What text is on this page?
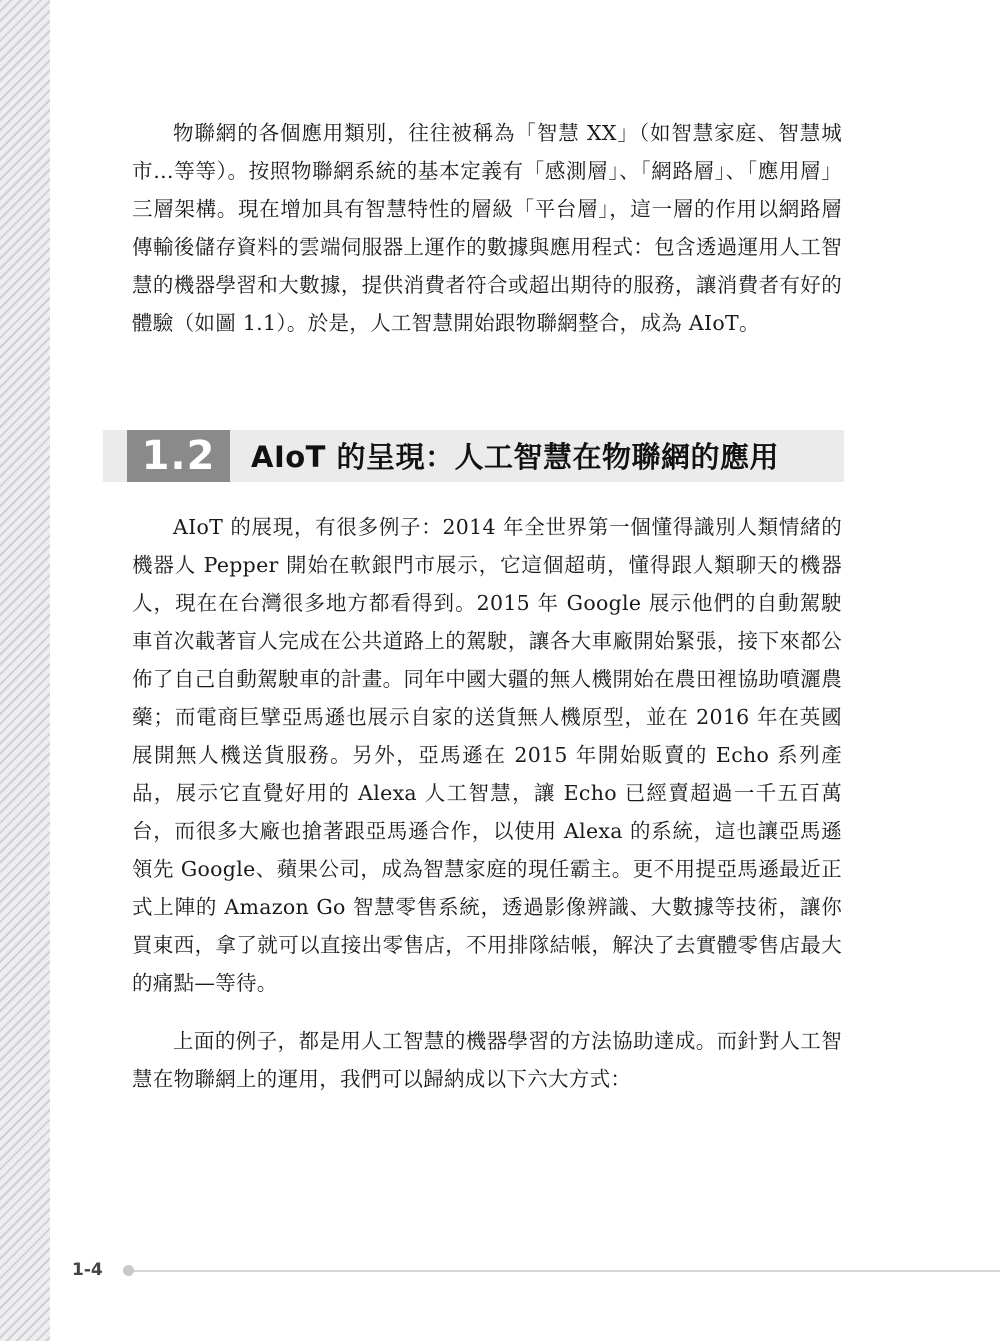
物聯網的各個應用類別，往往被稱為「智慧 XX」（如智慧家庭、智慧城市…等等）。按照物聯網系統的基本定義有「感測層」、「網路層」、「應用層」三層架構。現在增加具有智慧特性的層級「平台層」，這一層的作用以網路層傳輸後儲存資料的雲端伺服器上運作的數據與應用程式：包含透過運用人工智慧的機器學習和大數據，提供消費者符合或超出期待的服務，讓消費者有好的體驗（如圖 1.1）。於是，人工智慧開始跟物聯網整合，成為 AIoT。

AIoT 的展現，有很多例子：2014 年全世界第一個懂得識別人類情緒的機器人 Pepper 開始在軟銀門市展示，它這個超萌，懂得跟人類聊天的機器人，現在在台灣很多地方都看得到。2015 年 Google 展示他們的自動駕駛車首次載著盲人完成在公共道路上的駕駛，讓各大車廠開始緊張，接下來都公佈了自己自動駕駛車的計畫。同年中國大疆的無人機開始在農田裡協助噴灑農藥；而電商巨擘亞馬遜也展示自家的送貨無人機原型，並在 2016 年在英國展開無人機送貨服務。另外，亞馬遜在 2015 年開始販賣的 Echo 系列產品，展示它直覺好用的 Alexa 人工智慧，讓 Echo 已經賣超過一千五百萬台，而很多大廠也搶著跟亞馬遜合作，以使用 Alexa 的系統，這也讓亞馬遜領先 Google、蘋果公司，成為智慧家庭的現任霸主。更不用提亞馬遜最近正式上陣的 Amazon Go 智慧零售系統，透過影像辨識、大數據等技術，讓你買東西，拿了就可以直接出零售店，不用排隊結帳，解決了去實體零售店最大的痛點—等待。

上面的例子，都是用人工智慧的機器學習的方法協助達成。而針對人工智慧在物聯網上的運用，我們可以歸納成以下六大方式：

1.2	AIoT 的呈現：人工智慧在物聯網的應用
1-4
